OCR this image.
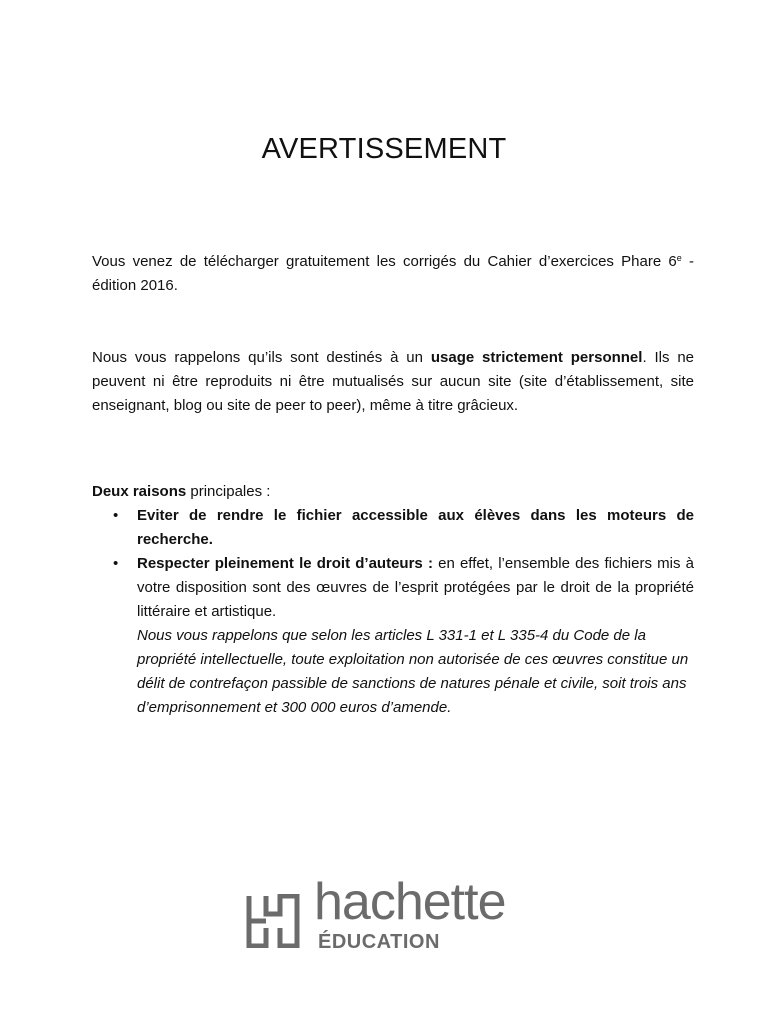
AVERTISSEMENT
Vous venez de télécharger gratuitement les corrigés du Cahier d’exercices Phare 6e - édition 2016.
Nous vous rappelons qu’ils sont destinés à un usage strictement personnel. Ils ne peuvent ni être reproduits ni être mutualisés sur aucun site (site d’établissement, site enseignant, blog ou site de peer to peer), même à titre grâcieux.
Deux raisons principales :
• Eviter de rendre le fichier accessible aux élèves dans les moteurs de recherche.
• Respecter pleinement le droit d’auteurs : en effet, l’ensemble des fichiers mis à votre disposition sont des œuvres de l’esprit protégées par le droit de la propriété littéraire et artistique.
Nous vous rappelons que selon les articles L 331-1 et L 335-4 du Code de la propriété intellectuelle, toute exploitation non autorisée de ces œuvres constitue un délit de contrefaçon passible de sanctions de natures pénale et civile, soit trois ans d’emprisonnement et 300 000 euros d’amende.
hachette
ÉDUCATION
